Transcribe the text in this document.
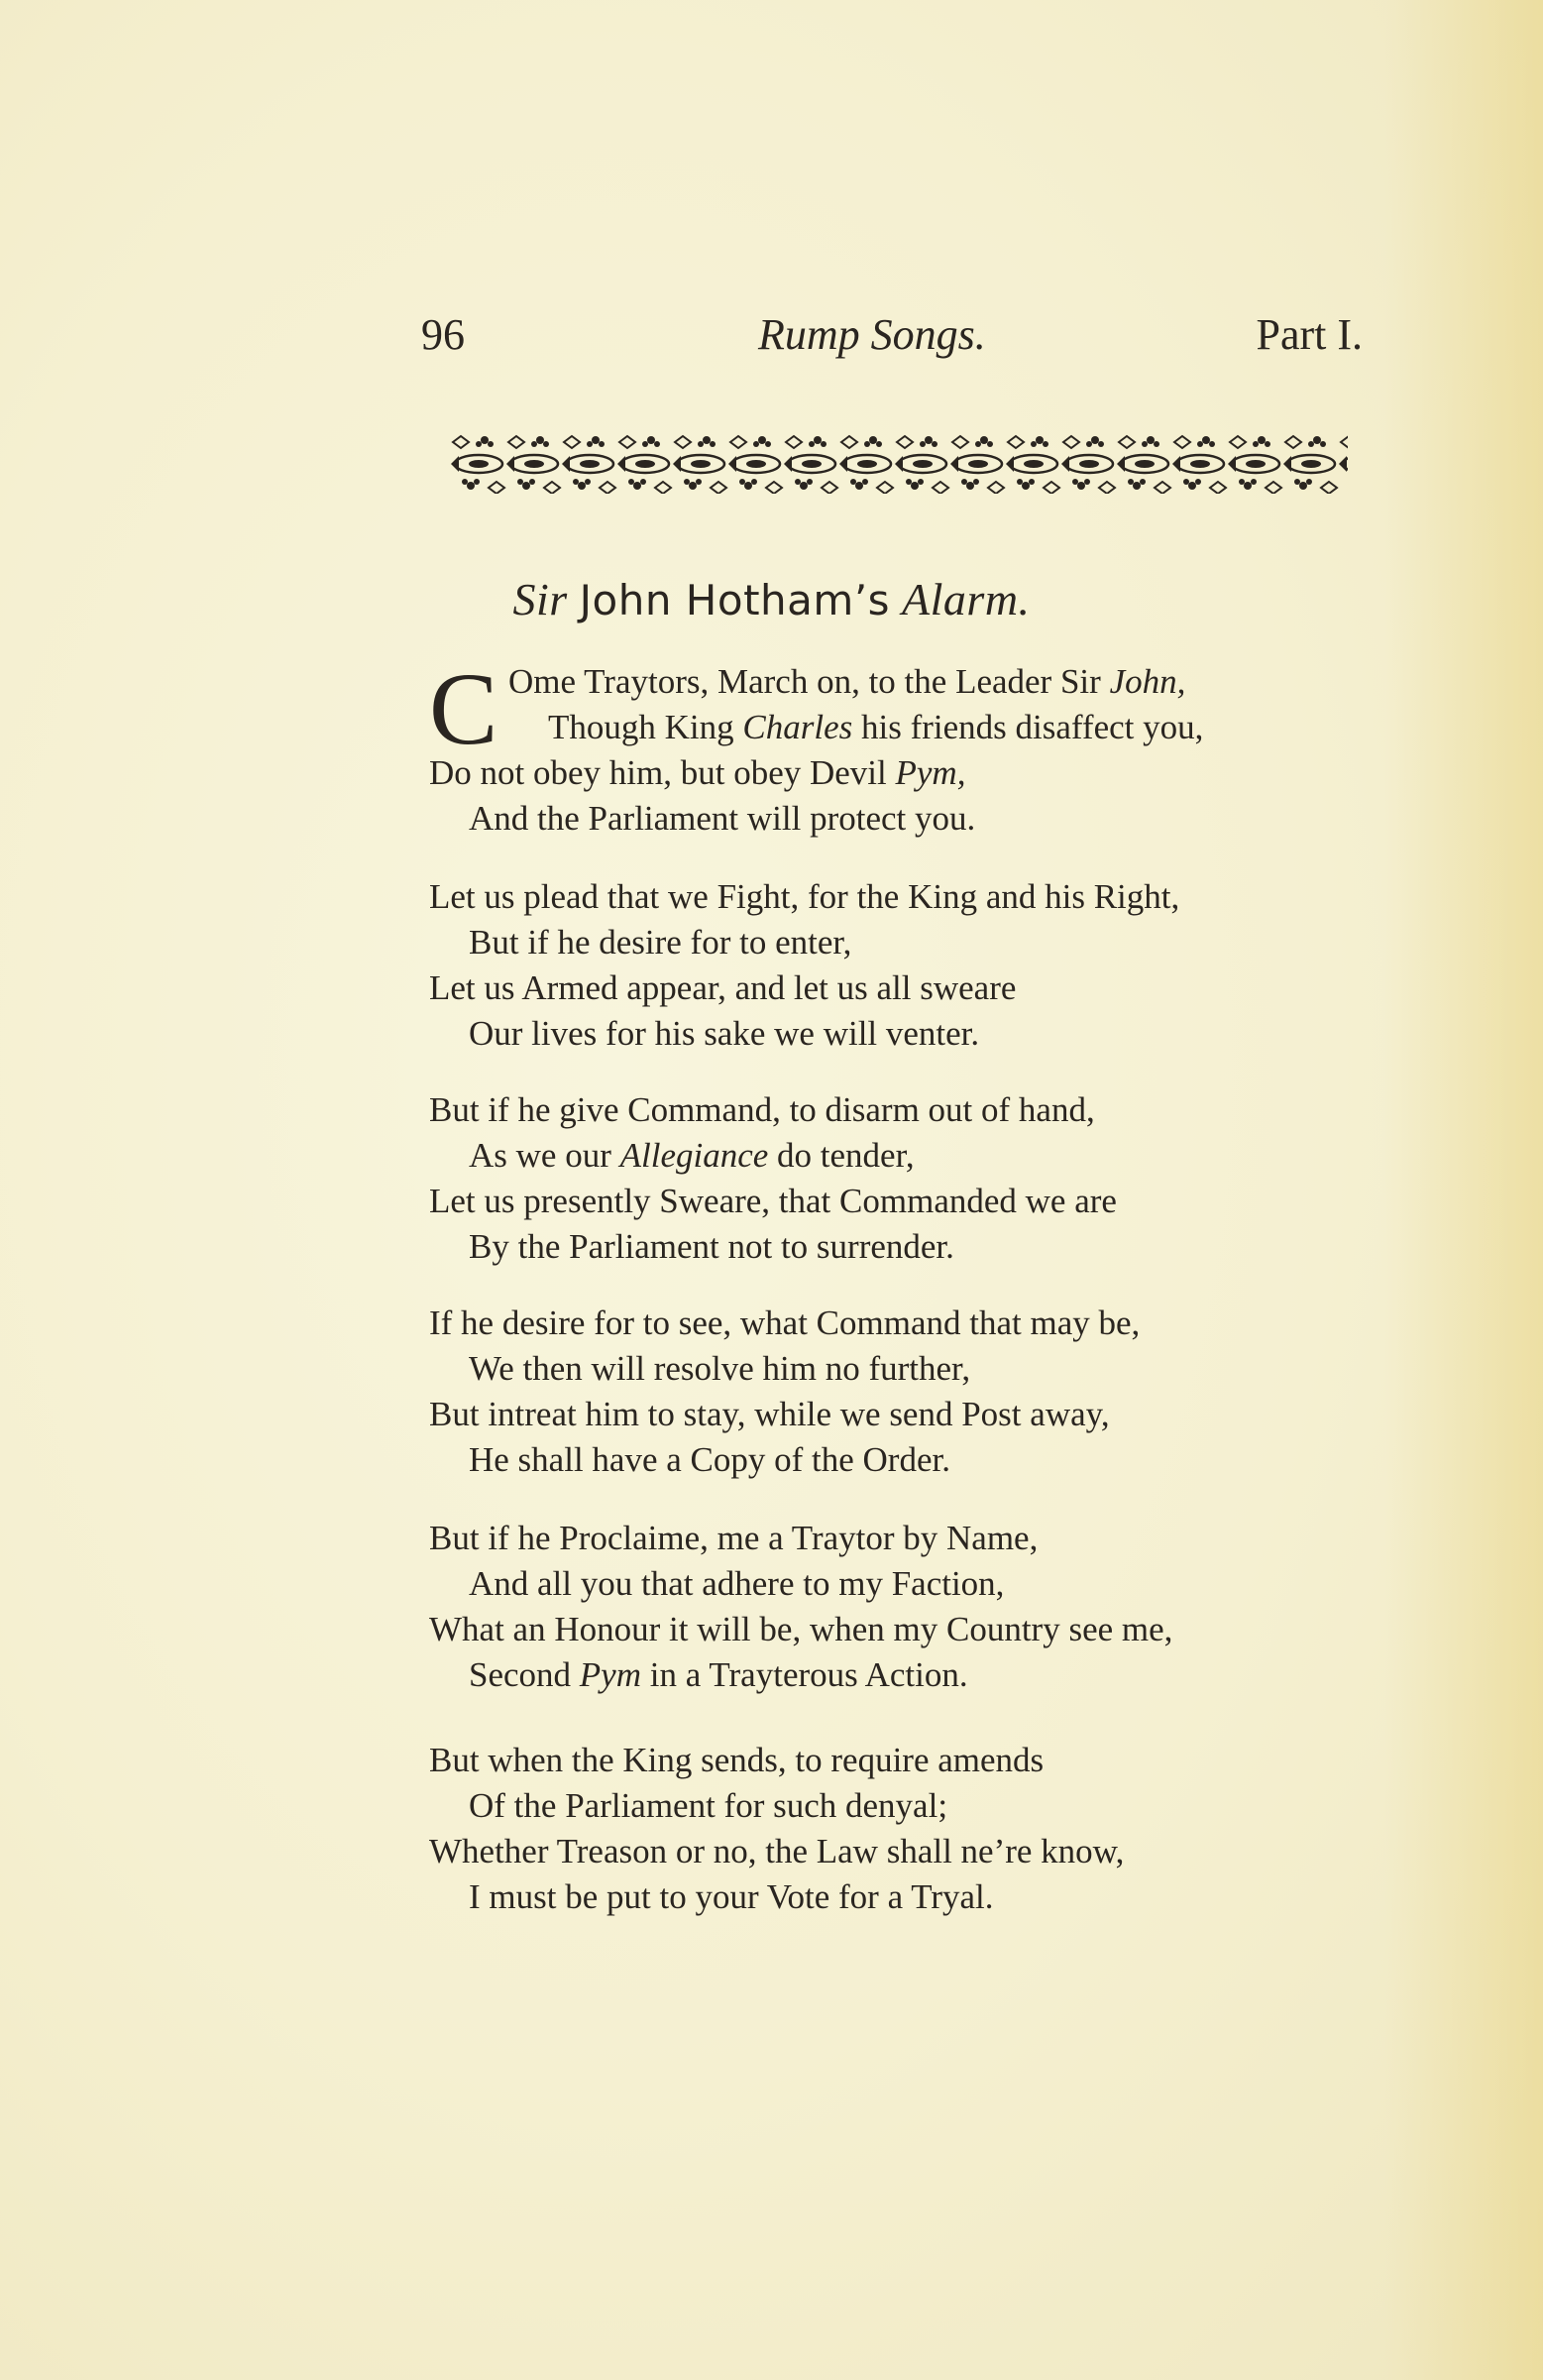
96	Rump Songs.	Part I.
Sir John Hotham’s Alarm.
C Ome Traytors, March on, to the Leader Sir John,
Though King Charles his friends disaffect you,
Do not obey him, but obey Devil Pym,
And the Parliament will protect you.
Let us plead that we Fight, for the King and his Right,
But if he desire for to enter,
Let us Armed appear, and let us all sweare
Our lives for his sake we will venter.
But if he give Command, to disarm out of hand,
As we our Allegiance do tender,
Let us presently Sweare, that Commanded we are
By the Parliament not to surrender.
If he desire for to see, what Command that may be,
We then will resolve him no further,
But intreat him to stay, while we send Post away,
He shall have a Copy of the Order.
But if he Proclaime, me a Traytor by Name,
And all you that adhere to my Faction,
What an Honour it will be, when my Country see me,
Second Pym in a Trayterous Action.
But when the King sends, to require amends
Of the Parliament for such denyal;
Whether Treason or no, the Law shall ne’re know,
I must be put to your Vote for a Tryal.
